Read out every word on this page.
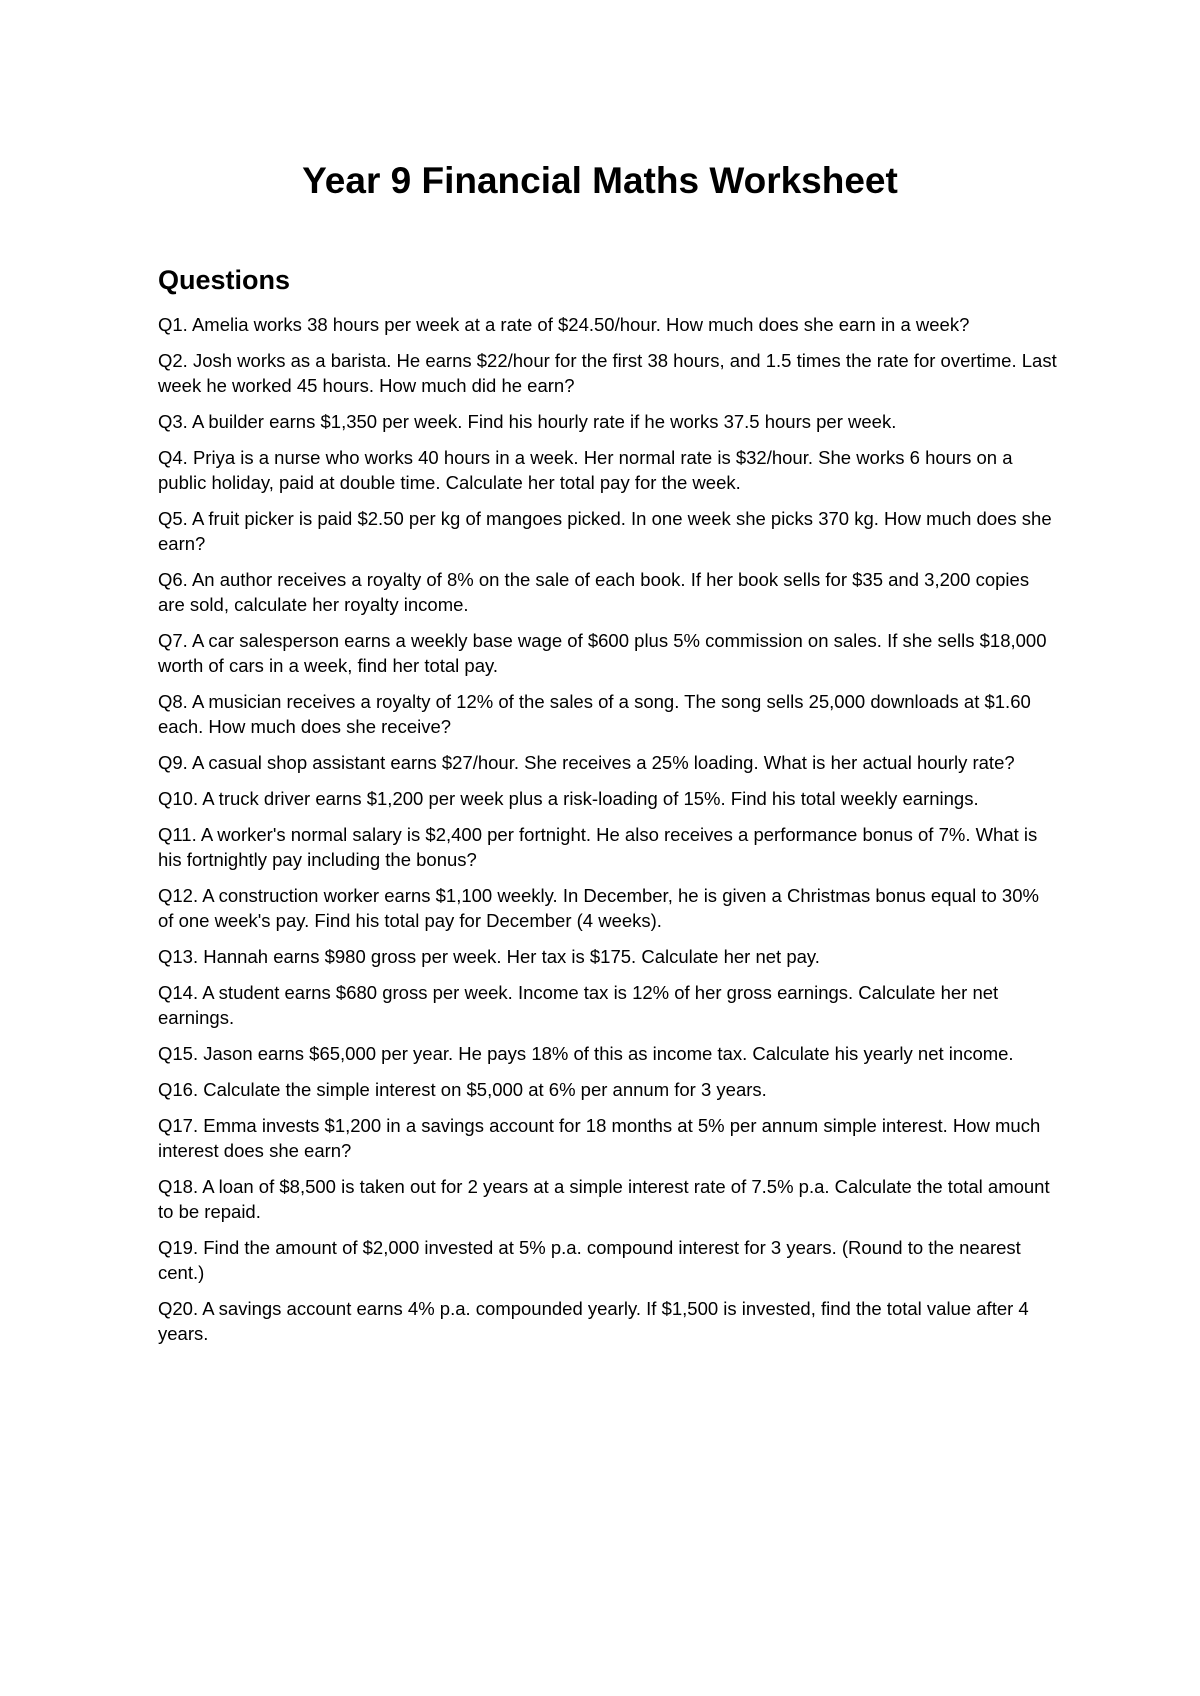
Year 9 Financial Maths Worksheet
Questions
Q1. Amelia works 38 hours per week at a rate of $24.50/hour. How much does she earn in a week?
Q2. Josh works as a barista. He earns $22/hour for the first 38 hours, and 1.5 times the rate for overtime. Last week he worked 45 hours. How much did he earn?
Q3. A builder earns $1,350 per week. Find his hourly rate if he works 37.5 hours per week.
Q4. Priya is a nurse who works 40 hours in a week. Her normal rate is $32/hour. She works 6 hours on a public holiday, paid at double time. Calculate her total pay for the week.
Q5. A fruit picker is paid $2.50 per kg of mangoes picked. In one week she picks 370 kg. How much does she earn?
Q6. An author receives a royalty of 8% on the sale of each book. If her book sells for $35 and 3,200 copies are sold, calculate her royalty income.
Q7. A car salesperson earns a weekly base wage of $600 plus 5% commission on sales. If she sells $18,000 worth of cars in a week, find her total pay.
Q8. A musician receives a royalty of 12% of the sales of a song. The song sells 25,000 downloads at $1.60 each. How much does she receive?
Q9. A casual shop assistant earns $27/hour. She receives a 25% loading. What is her actual hourly rate?
Q10. A truck driver earns $1,200 per week plus a risk-loading of 15%. Find his total weekly earnings.
Q11. A worker's normal salary is $2,400 per fortnight. He also receives a performance bonus of 7%. What is his fortnightly pay including the bonus?
Q12. A construction worker earns $1,100 weekly. In December, he is given a Christmas bonus equal to 30% of one week's pay. Find his total pay for December (4 weeks).
Q13. Hannah earns $980 gross per week. Her tax is $175. Calculate her net pay.
Q14. A student earns $680 gross per week. Income tax is 12% of her gross earnings. Calculate her net earnings.
Q15. Jason earns $65,000 per year. He pays 18% of this as income tax. Calculate his yearly net income.
Q16. Calculate the simple interest on $5,000 at 6% per annum for 3 years.
Q17. Emma invests $1,200 in a savings account for 18 months at 5% per annum simple interest. How much interest does she earn?
Q18. A loan of $8,500 is taken out for 2 years at a simple interest rate of 7.5% p.a. Calculate the total amount to be repaid.
Q19. Find the amount of $2,000 invested at 5% p.a. compound interest for 3 years. (Round to the nearest cent.)
Q20. A savings account earns 4% p.a. compounded yearly. If $1,500 is invested, find the total value after 4 years.
